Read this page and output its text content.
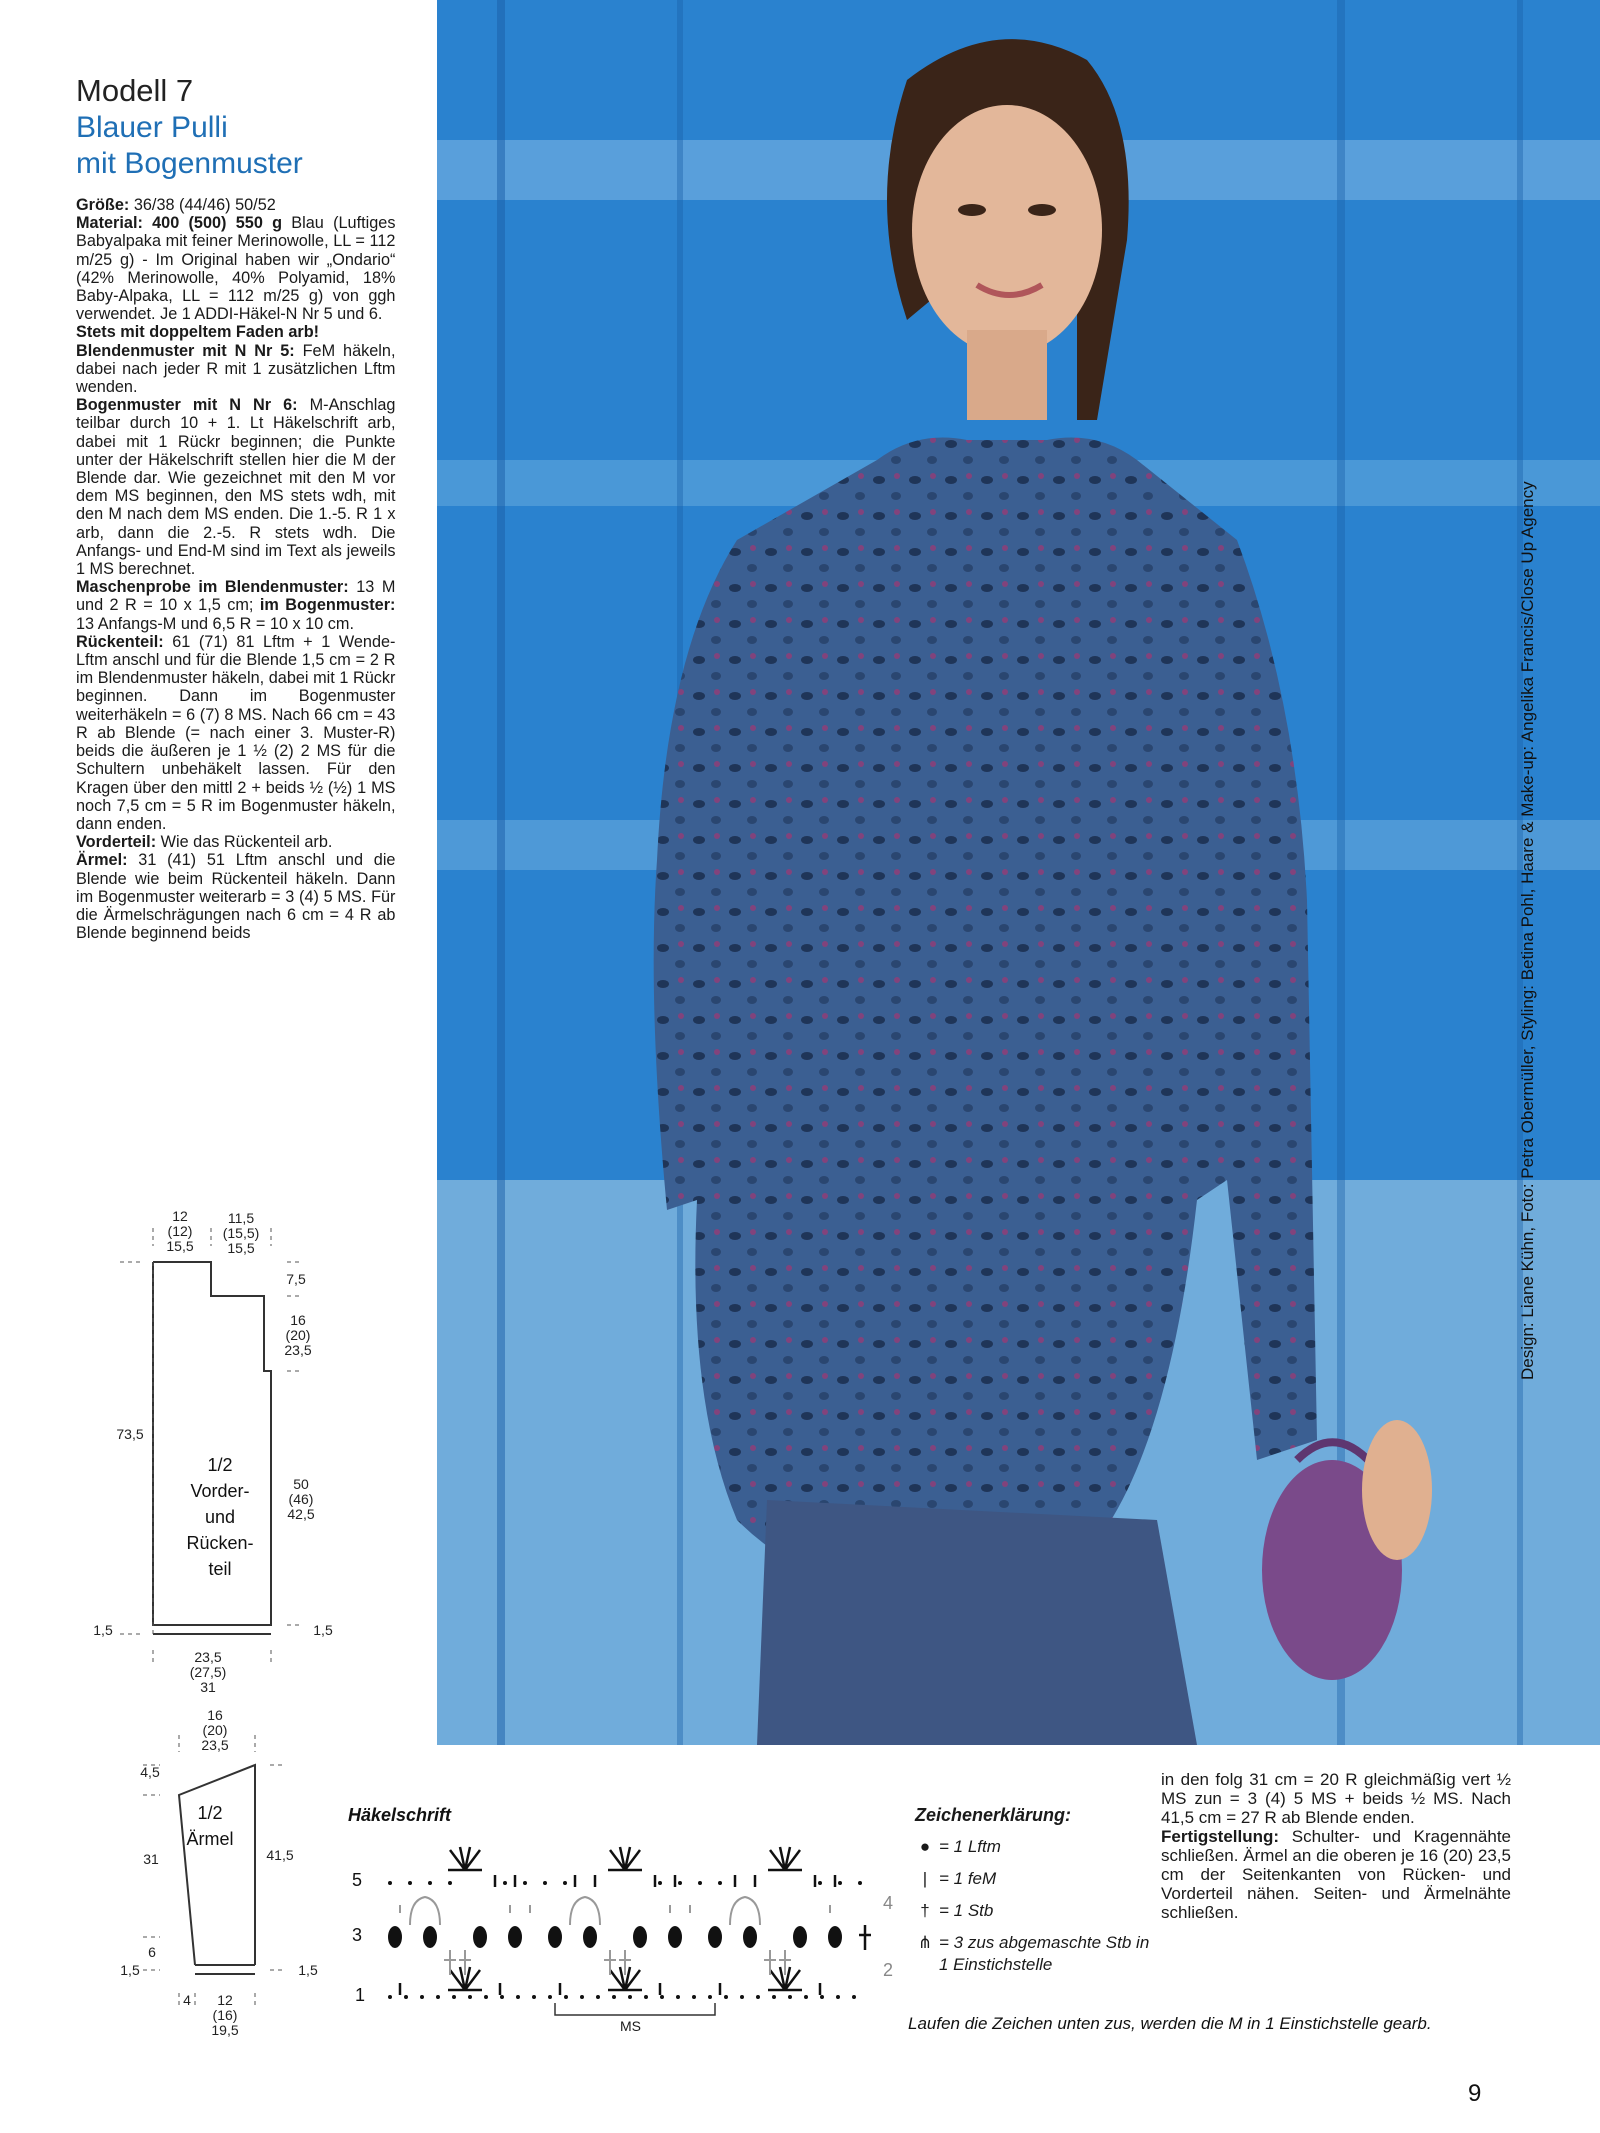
Modell 7

Blauer Pulli
mit Bogenmuster

Größe: 36/38 (44/46) 50/52

Material: 400 (500) 550 g Blau (Luftiges Babyalpaka mit feiner Merinowolle, LL = 112 m/25 g) - Im Original haben wir „Ondario“ (42% Merinowolle, 40% Polyamid, 18% Baby-Alpaka, LL = 112 m/25 g) von ggh verwendet. Je 1 ADDI-Häkel-N Nr 5 und 6.

Stets mit doppeltem Faden arb!

Blendenmuster mit N Nr 5: FeM häkeln, dabei nach jeder R mit 1 zusätzlichen Lftm wenden.

Bogenmuster mit N Nr 6: M-Anschlag teilbar durch 10 + 1. Lt Häkelschrift arb, dabei mit 1 Rückr beginnen; die Punkte unter der Häkelschrift stellen hier die M der Blende dar. Wie gezeichnet mit den M vor dem MS beginnen, den MS stets wdh, mit den M nach dem MS enden. Die 1.-5. R 1 x arb, dann die 2.-5. R stets wdh. Die Anfangs- und End-M sind im Text als jeweils 1 MS berechnet.

Maschenprobe im Blendenmuster: 13 M und 2 R = 10 x 1,5 cm; im Bogenmuster: 13 Anfangs-M und 6,5 R = 10 x 10 cm.

Rückenteil: 61 (71) 81 Lftm + 1 Wende-Lftm anschl und für die Blende 1,5 cm = 2 R im Blendenmuster häkeln, dabei mit 1 Rückr beginnen. Dann im Bogenmuster weiterhäkeln = 6 (7) 8 MS. Nach 66 cm = 43 R ab Blende (= nach einer 3. Muster-R) beids die äußeren je 1 ½ (2) 2 MS für die Schultern unbehäkelt lassen. Für den Kragen über den mittl 2 + beids ½ (½) 1 MS noch 7,5 cm = 5 R im Bogenmuster häkeln, dann enden.

Vorderteil: Wie das Rückenteil arb.

Ärmel: 31 (41) 51 Lftm anschl und die Blende wie beim Rückenteil häkeln. Dann im Bogenmuster weiterarb = 3 (4) 5 MS. Für die Ärmelschrägungen nach 6 cm = 4 R ab Blende beginnend beids	Design: Liane Kühn, Foto: Petra Obermüller, Styling: Betina Pohl, Haare & Make-up: Angelika Francis/Close Up Agency
12
(12)
15,5
11,5
(15,5)
15,5
7,5
16
(20)
23,5
73,5
50
(46)
42,5
1/2
Vorder-
und
Rücken-
teil
1,5	1,5
23,5
(27,5)
31
16
(20)
23,5
4,5
1/2
Ärmel
31	41,5
6
1,5	1,5
4	12
(16)
19,5
Häkelschrift
5
3
1
4
2
MS

Zeichenerklärung:

● = 1 Lftm
| = 1 feM
† = 1 Stb
⋔ = 3 zus abgemaschte Stb in 1 Einstichstelle
Laufen die Zeichen unten zus, werden die M in 1 Einstichstelle gearb.

in den folg 31 cm = 20 R gleichmäßig vert ½ MS zun = 3 (4) 5 MS + beids ½ MS. Nach 41,5 cm = 27 R ab Blende enden.

Fertigstellung: Schulter- und Kragennähte schließen. Ärmel an die oberen je 16 (20) 23,5 cm der Seitenkanten von Rücken- und Vorderteil nähen. Seiten- und Ärmelnähte schließen.

9
